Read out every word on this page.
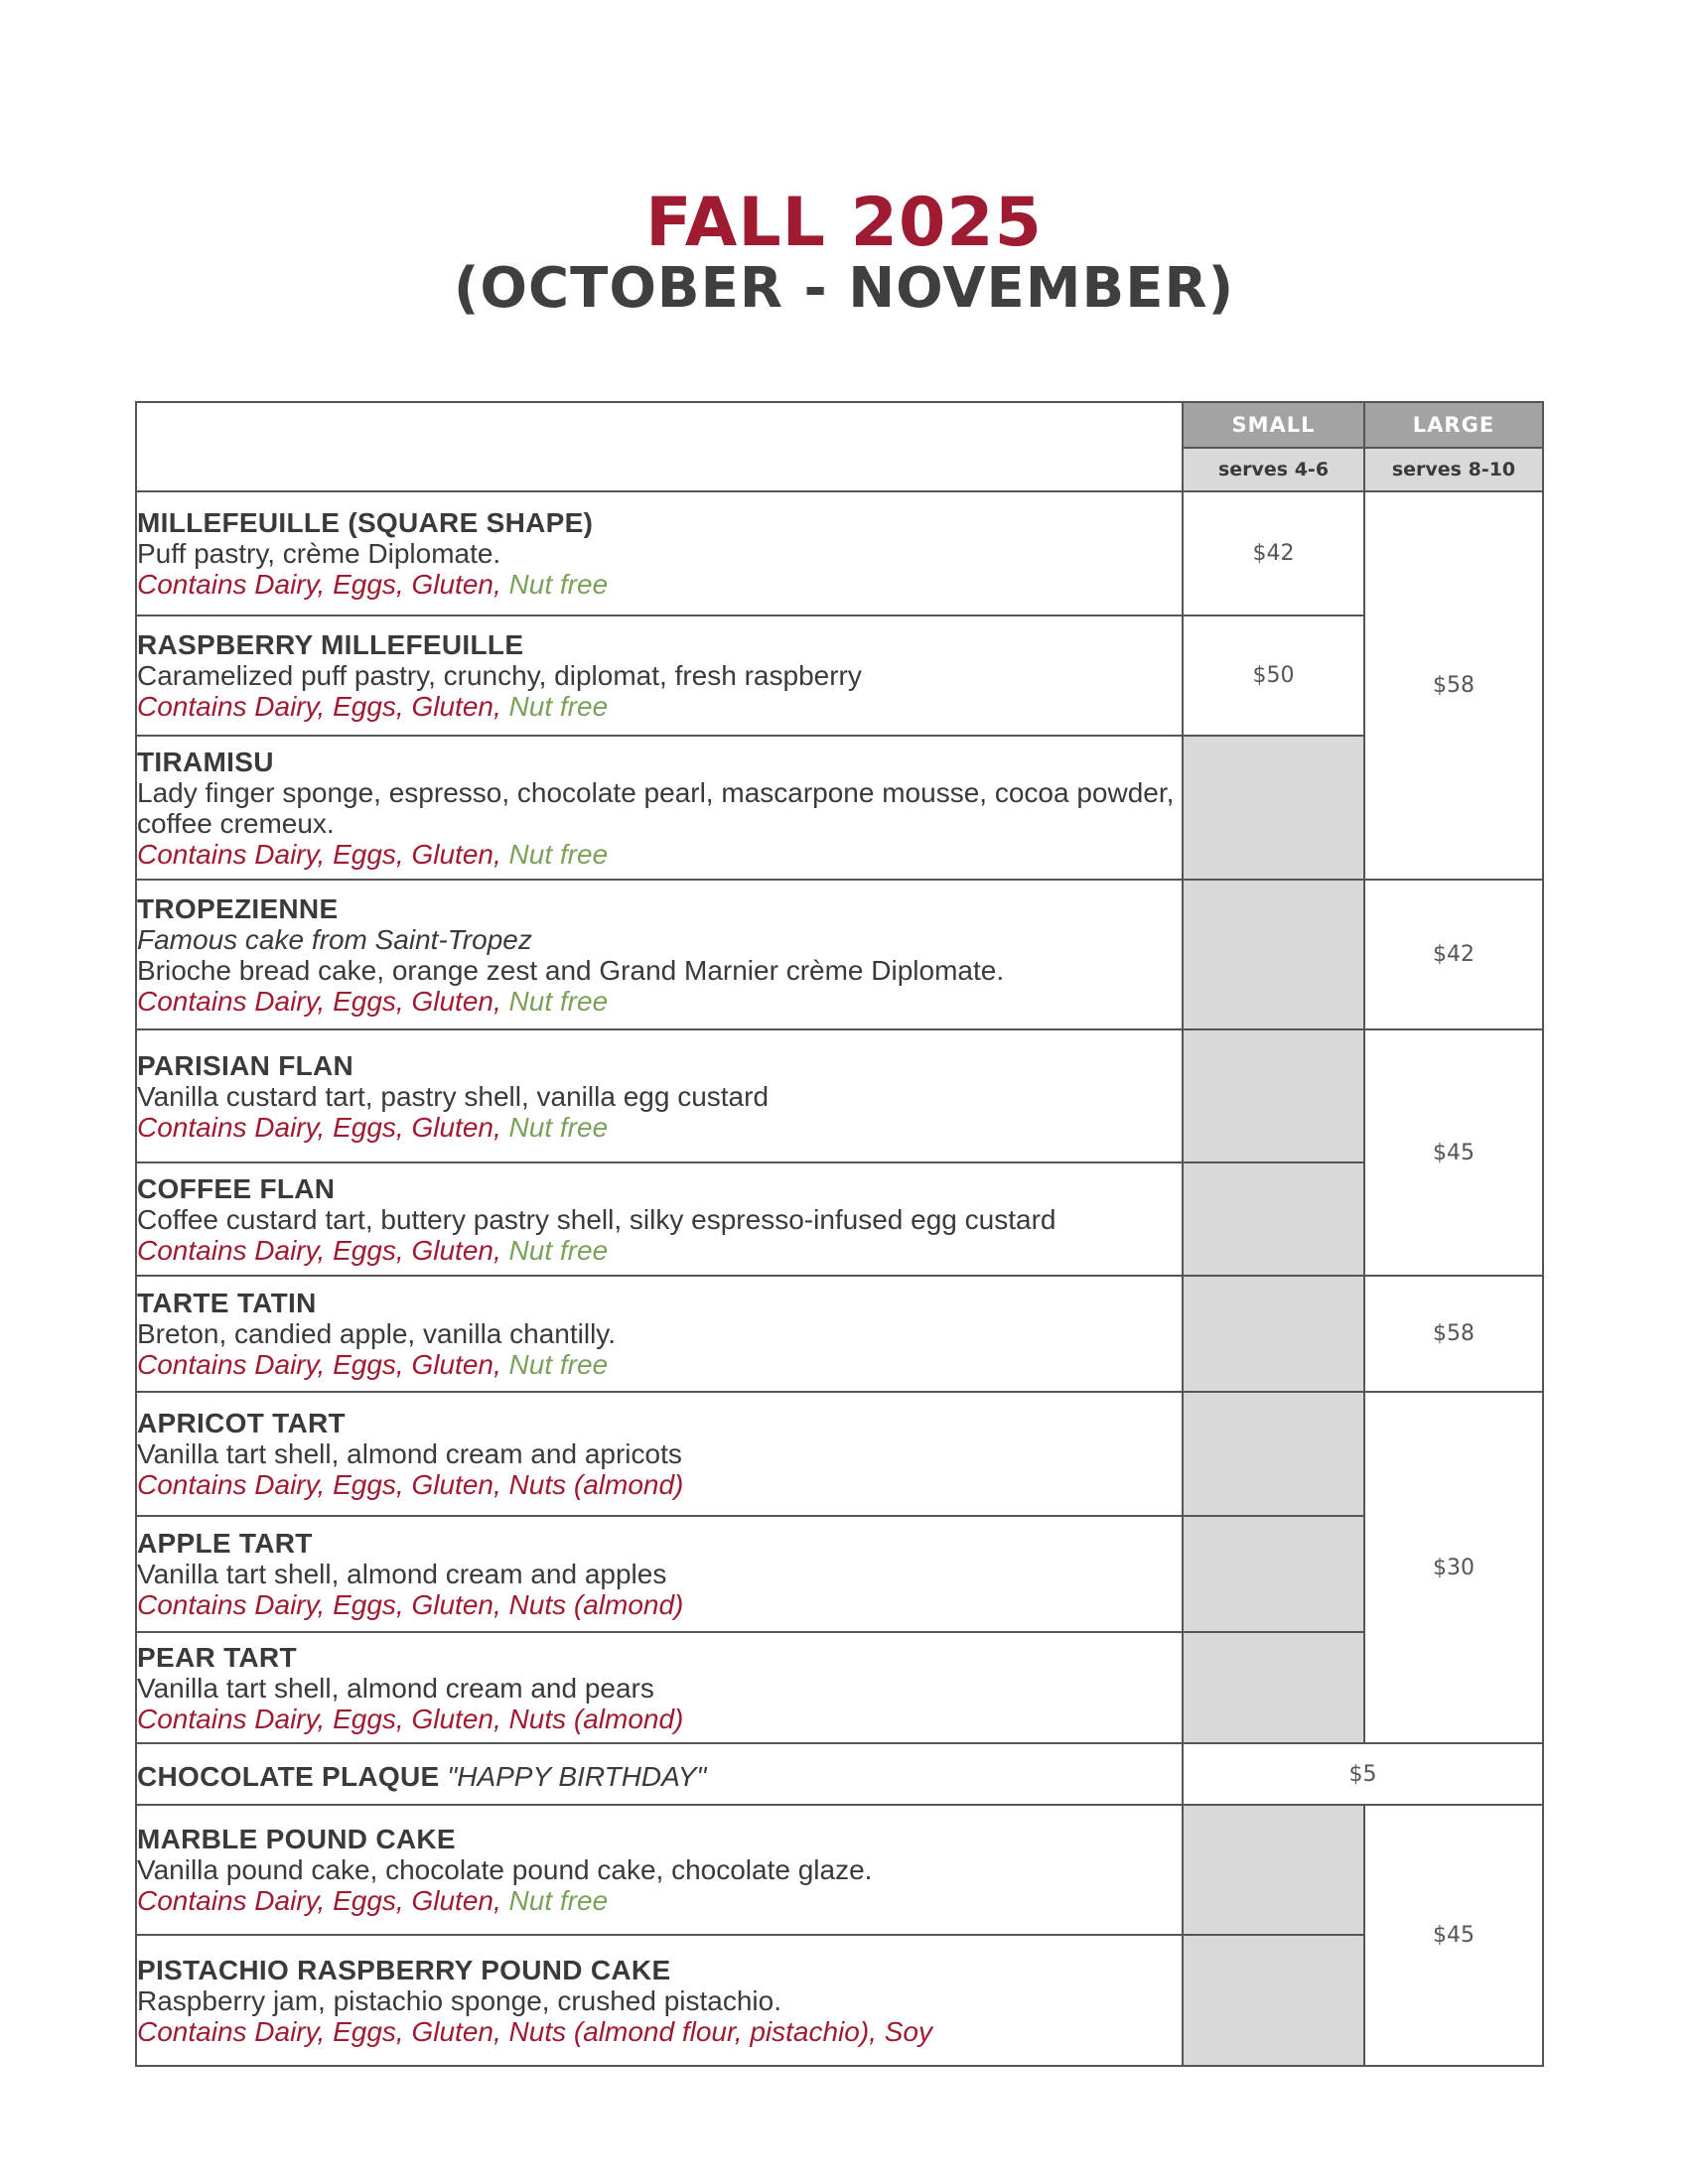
FALL 2025
(OCTOBER - NOVEMBER)
	SMALL	LARGE
	serves 4-6	serves 8-10

MILLEFEUILLE (SQUARE SHAPE)
Puff pastry, crème Diplomate.
Contains Dairy, Eggs, Gluten, Nut free	$42	$58

RASPBERRY MILLEFEUILLE
Caramelized puff pastry, crunchy, diplomat, fresh raspberry
Contains Dairy, Eggs, Gluten, Nut free	$50	

TIRAMISU
Lady finger sponge, espresso, chocolate pearl, mascarpone mousse, cocoa powder, coffee cremeux.
Contains Dairy, Eggs, Gluten, Nut free		

TROPEZIENNE
Famous cake from Saint-Tropez
Brioche bread cake, orange zest and Grand Marnier crème Diplomate.
Contains Dairy, Eggs, Gluten, Nut free		$42

PARISIAN FLAN
Vanilla custard tart, pastry shell, vanilla egg custard
Contains Dairy, Eggs, Gluten, Nut free		$45

COFFEE FLAN
Coffee custard tart, buttery pastry shell, silky espresso-infused egg custard
Contains Dairy, Eggs, Gluten, Nut free		

TARTE TATIN
Breton, candied apple, vanilla chantilly.
Contains Dairy, Eggs, Gluten, Nut free		$58

APRICOT TART
Vanilla tart shell, almond cream and apricots
Contains Dairy, Eggs, Gluten, Nuts (almond)		$30

APPLE TART
Vanilla tart shell, almond cream and apples
Contains Dairy, Eggs, Gluten, Nuts (almond)		

PEAR TART
Vanilla tart shell, almond cream and pears
Contains Dairy, Eggs, Gluten, Nuts (almond)		

CHOCOLATE PLAQUE "HAPPY BIRTHDAY"	$5	

MARBLE POUND CAKE
Vanilla pound cake, chocolate pound cake, chocolate glaze.
Contains Dairy, Eggs, Gluten, Nut free		$45

PISTACHIO RASPBERRY POUND CAKE
Raspberry jam, pistachio sponge, crushed pistachio.
Contains Dairy, Eggs, Gluten, Nuts (almond flour, pistachio), Soy		
